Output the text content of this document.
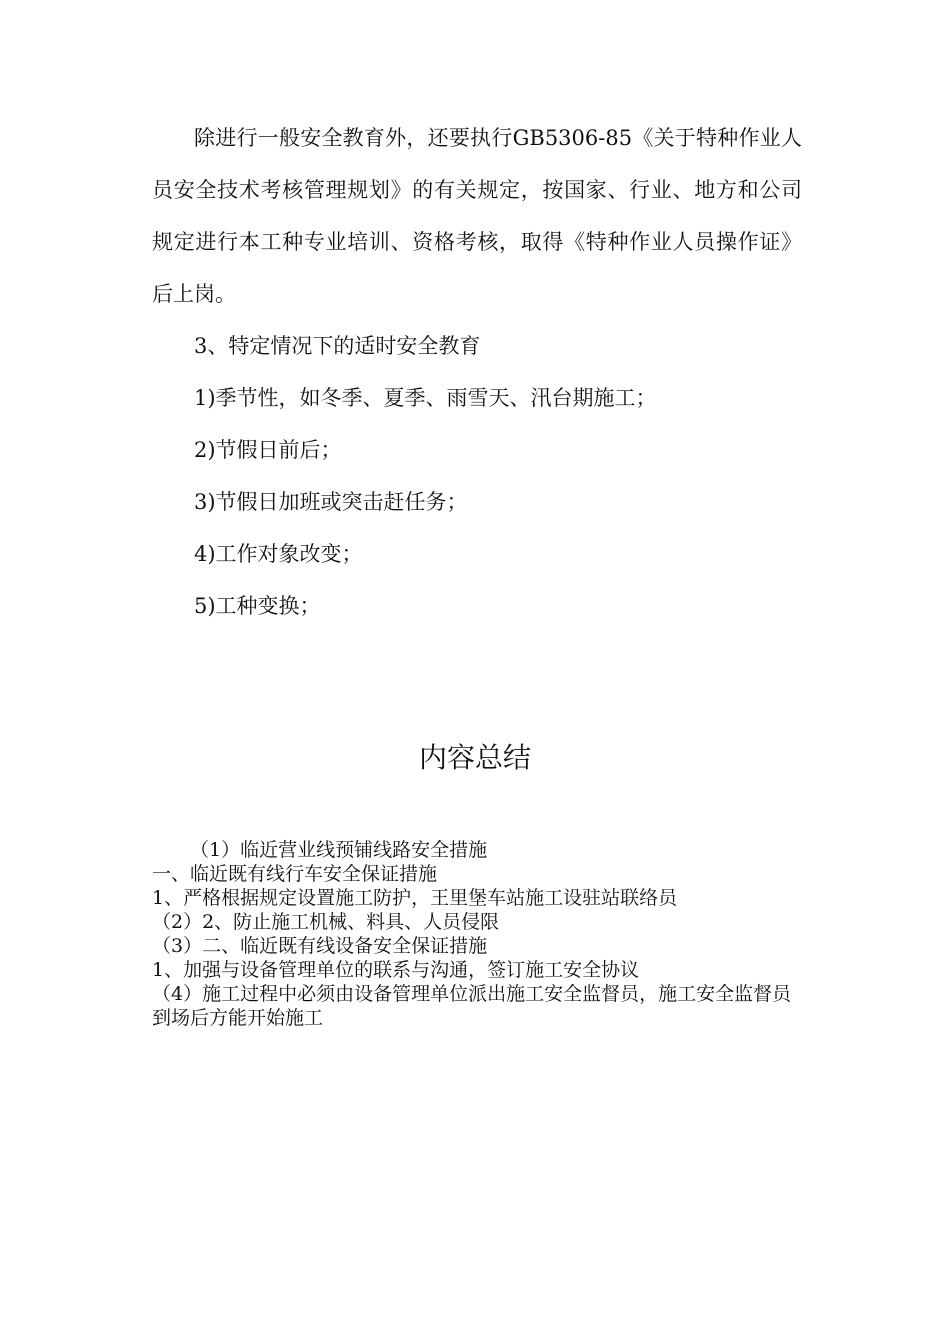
除进行一般安全教育外，还要执行GB5306-85《关于特种作业人员安全技术考核管理规划》的有关规定，按国家、行业、地方和公司规定进行本工种专业培训、资格考核，取得《特种作业人员操作证》后上岗。

3、特定情况下的适时安全教育

1)季节性，如冬季、夏季、雨雪天、汛台期施工；

2)节假日前后；

3)节假日加班或突击赶任务；

4)工作对象改变；

5)工种变换；

内容总结

（1）临近营业线预铺线路安全措施

一、临近既有线行车安全保证措施

1、严格根据规定设置施工防护，王里堡车站施工设驻站联络员

（2）2、防止施工机械、料具、人员侵限

（3）二、临近既有线设备安全保证措施

1、加强与设备管理单位的联系与沟通，签订施工安全协议

（4）施工过程中必须由设备管理单位派出施工安全监督员，施工安全监督员到场后方能开始施工
